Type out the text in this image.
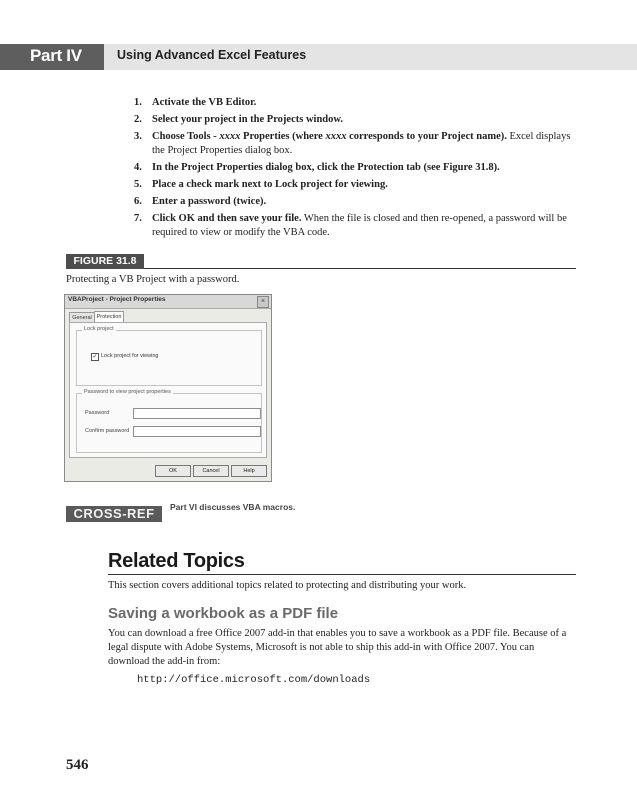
Part IV	Using Advanced Excel Features
1. Activate the VB Editor.
2. Select your project in the Projects window.
3. Choose Tools - xxxx Properties (where xxxx corresponds to your Project name). Excel displays the Project Properties dialog box.
4. In the Project Properties dialog box, click the Protection tab (see Figure 31.8).
5. Place a check mark next to Lock project for viewing.
6. Enter a password (twice).
7. Click OK and then save your file. When the file is closed and then re-opened, a password will be required to view or modify the VBA code.
FIGURE 31.8
Protecting a VB Project with a password.
VBAProject - Project Properties	×
General Protection
Lock project
✓ Lock project for viewing
Password to view project properties
Password
Confirm password
OK	Cancel	Help
CROSS-REF	Part VI discusses VBA macros.
Related Topics
This section covers additional topics related to protecting and distributing your work.
Saving a workbook as a PDF file
You can download a free Office 2007 add-in that enables you to save a workbook as a PDF file. Because of a legal dispute with Adobe Systems, Microsoft is not able to ship this add-in with Office 2007. You can download the add-in from:
http://office.microsoft.com/downloads
546
